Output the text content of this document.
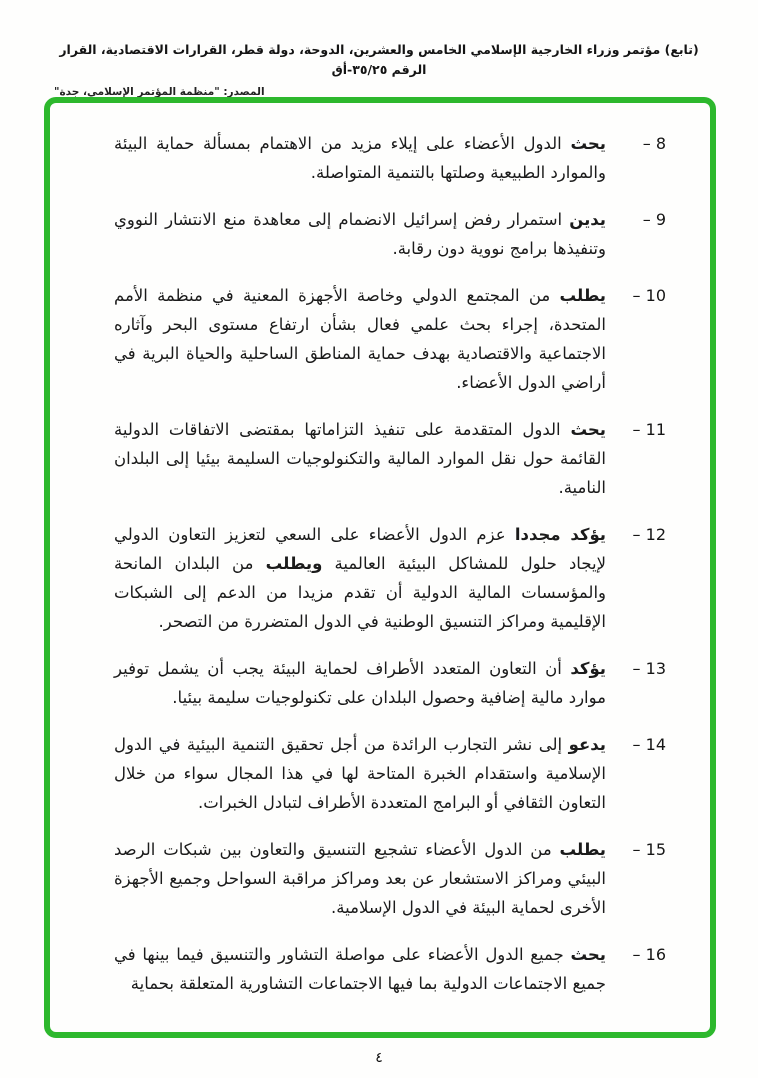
(تابع) مؤتمر وزراء الخارجية الإسلامي الخامس والعشرين، الدوحة، دولة قطر، القرارات الاقتصادية، القرار الرقم ٣٥/٢٥-أق
المصدر: "منظمة المؤتمر الإسلامي، جدة"
– 8

يحث الدول الأعضاء على إيلاء مزيد من الاهتمام بمسألة حماية البيئة والموارد الطبيعية وصلتها بالتنمية المتواصلة.

– 9

يدين استمرار رفض إسرائيل الانضمام إلى معاهدة منع الانتشار النووي وتنفيذها برامج نووية دون رقابة.

– 10

يطلب من المجتمع الدولي وخاصة الأجهزة المعنية في منظمة الأمم المتحدة، إجراء بحث علمي فعال بشأن ارتفاع مستوى البحر وآثاره الاجتماعية والاقتصادية بهدف حماية المناطق الساحلية والحياة البرية في أراضي الدول الأعضاء.

– 11

يحث الدول المتقدمة على تنفيذ التزاماتها بمقتضى الاتفاقات الدولية القائمة حول نقل الموارد المالية والتكنولوجيات السليمة بيئيا إلى البلدان النامية.

– 12

يؤكد مجددا عزم الدول الأعضاء على السعي لتعزيز التعاون الدولي لإيجاد حلول للمشاكل البيئية العالمية ويطلب من البلدان المانحة والمؤسسات المالية الدولية أن تقدم مزيدا من الدعم إلى الشبكات الإقليمية ومراكز التنسيق الوطنية في الدول المتضررة من التصحر.

– 13

يؤكد أن التعاون المتعدد الأطراف لحماية البيئة يجب أن يشمل توفير موارد مالية إضافية وحصول البلدان على تكنولوجيات سليمة بيئيا.

– 14

يدعو إلى نشر التجارب الرائدة من أجل تحقيق التنمية البيئية في الدول الإسلامية واستقدام الخبرة المتاحة لها في هذا المجال سواء من خلال التعاون الثقافي أو البرامج المتعددة الأطراف لتبادل الخبرات.

– 15

يطلب من الدول الأعضاء تشجيع التنسيق والتعاون بين شبكات الرصد البيئي ومراكز الاستشعار عن بعد ومراكز مراقبة السواحل وجميع الأجهزة الأخرى لحماية البيئة في الدول الإسلامية.

– 16

يحث جميع الدول الأعضاء على مواصلة التشاور والتنسيق فيما بينها في جميع الاجتماعات الدولية بما فيها الاجتماعات التشاورية المتعلقة بحماية

٤
